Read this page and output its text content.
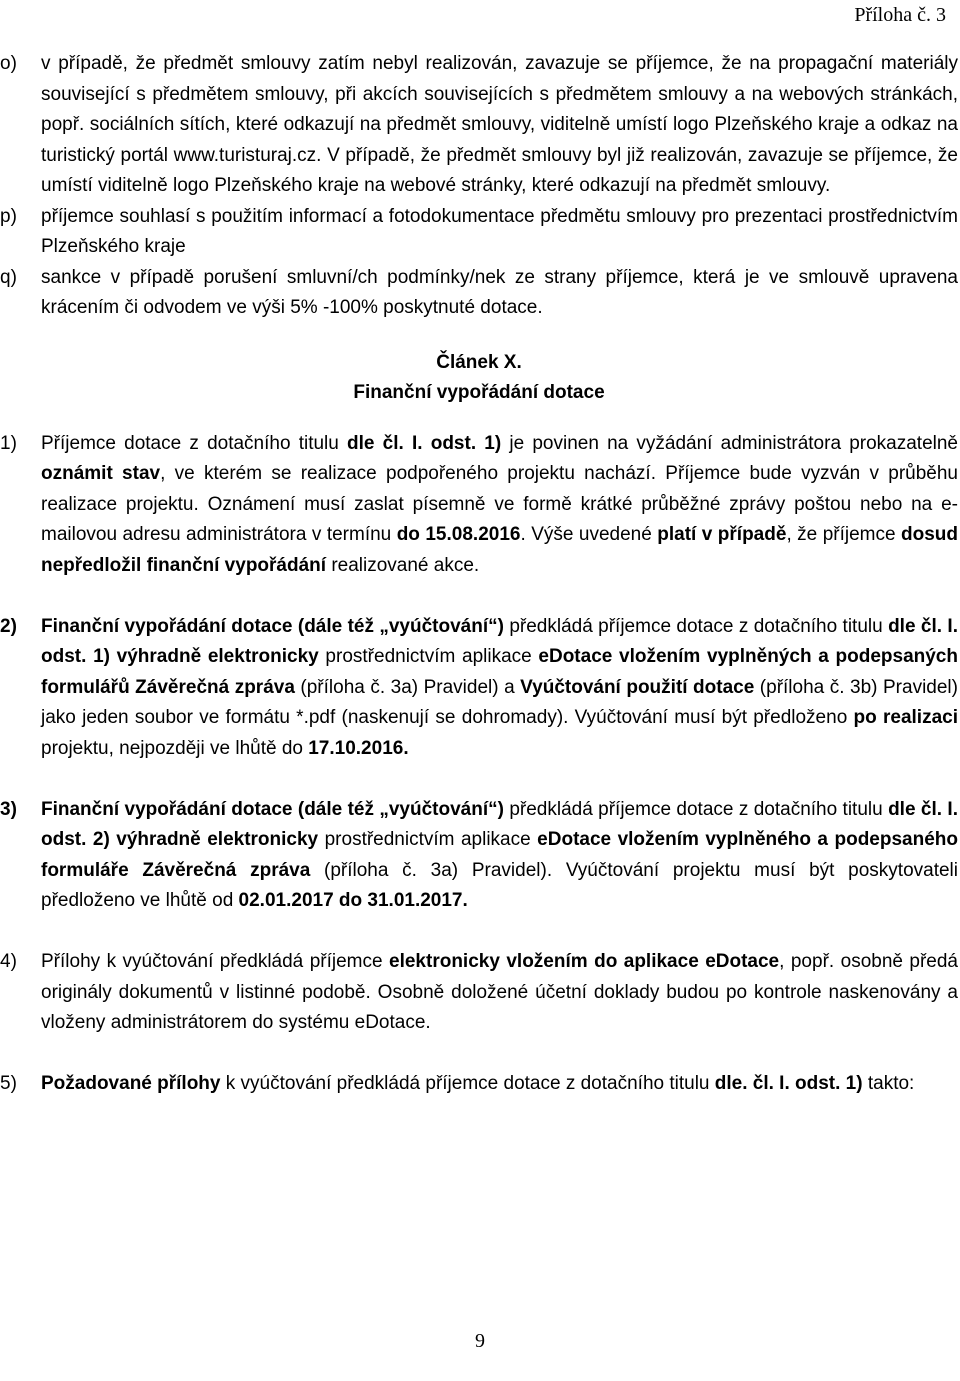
Příloha č. 3
o) v případě, že předmět smlouvy zatím nebyl realizován, zavazuje se příjemce, že na propagační materiály související s předmětem smlouvy, při akcích souvisejících s předmětem smlouvy a na webových stránkách, popř. sociálních sítích, které odkazují na předmět smlouvy, viditelně umístí logo Plzeňského kraje a odkaz na turistický portál www.turisturaj.cz. V případě, že předmět smlouvy byl již realizován, zavazuje se příjemce, že umístí viditelně logo Plzeňského kraje na webové stránky, které odkazují na předmět smlouvy.
p) příjemce souhlasí s použitím informací a fotodokumentace předmětu smlouvy pro prezentaci prostřednictvím Plzeňského kraje
q) sankce v případě porušení smluvní/ch podmínky/nek ze strany příjemce, která je ve smlouvě upravena krácením či odvodem ve výši 5% -100% poskytnuté dotace.
Článek X.
Finanční vypořádání dotace
1) Příjemce dotace z dotačního titulu dle čl. I. odst. 1) je povinen na vyžádání administrátora prokazatelně oznámit stav, ve kterém se realizace podpořeného projektu nachází. Příjemce bude vyzván v průběhu realizace projektu. Oznámení musí zaslat písemně ve formě krátké průběžné zprávy poštou nebo na e-mailovou adresu administrátora v termínu do 15.08.2016. Výše uvedené platí v případě, že příjemce dosud nepředložil finanční vypořádání realizované akce.
2) Finanční vypořádání dotace (dále též „vyúčtování“) předkládá příjemce dotace z dotačního titulu dle čl. I. odst. 1) výhradně elektronicky prostřednictvím aplikace eDotace vložením vyplněných a podepsaných formulářů Závěrečná zpráva (příloha č. 3a) Pravidel) a Vyúčtování použití dotace (příloha č. 3b) Pravidel) jako jeden soubor ve formátu *.pdf (naskenují se dohromady). Vyúčtování musí být předloženo po realizaci projektu, nejpozději ve lhůtě do 17.10.2016.
3) Finanční vypořádání dotace (dále též „vyúčtování“) předkládá příjemce dotace z dotačního titulu dle čl. I. odst. 2) výhradně elektronicky prostřednictvím aplikace eDotace vložením vyplněného a podepsaného formuláře Závěrečná zpráva (příloha č. 3a) Pravidel). Vyúčtování projektu musí být poskytovateli předloženo ve lhůtě od 02.01.2017 do 31.01.2017.
4) Přílohy k vyúčtování předkládá příjemce elektronicky vložením do aplikace eDotace, popř. osobně předá originály dokumentů v listinné podobě. Osobně doložené účetní doklady budou po kontrole naskenovány a vloženy administrátorem do systému eDotace.
5) Požadované přílohy k vyúčtování předkládá příjemce dotace z dotačního titulu dle. čl. I. odst. 1) takto:
9
